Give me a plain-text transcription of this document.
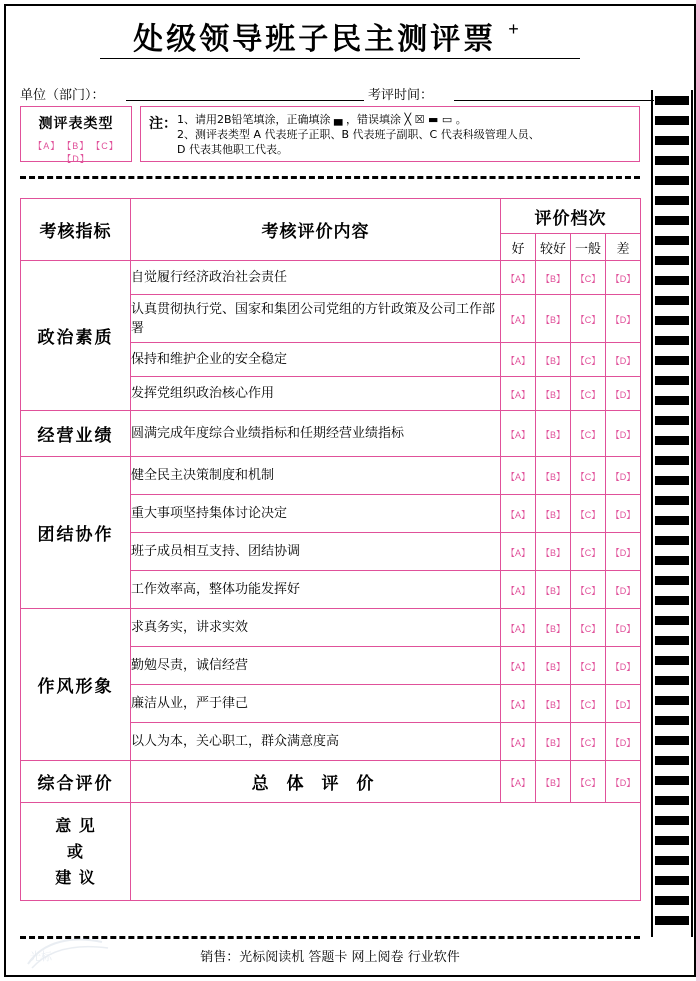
处级领导班子民主测评票 +
单位（部门）：	考评时间：
测评表类型
【A】 【B】 【C】【D】
注： 1、请用2B铅笔填涂，正确填涂 ▄ ，错误填涂 ╳ ☒ ▬ ▭ 。
2、测评表类型 A 代表班子正职、B 代表班子副职、C 代表科级管理人员、
D 代表其他职工代表。
考核指标	考核评价内容	评价档次			
		好	较好	一般	差
政治素质	自觉履行经济政治社会责任	【A】	【B】	【C】	【D】
	认真贯彻执行党、国家和集团公司党组的方针政策及公司工作部署	【A】	【B】	【C】	【D】
	保持和维护企业的安全稳定	【A】	【B】	【C】	【D】
	发挥党组织政治核心作用	【A】	【B】	【C】	【D】
经营业绩	圆满完成年度综合业绩指标和任期经营业绩指标	【A】	【B】	【C】	【D】
团结协作	健全民主决策制度和机制	【A】	【B】	【C】	【D】
	重大事项坚持集体讨论决定	【A】	【B】	【C】	【D】
	班子成员相互支持、团结协调	【A】	【B】	【C】	【D】
	工作效率高，整体功能发挥好	【A】	【B】	【C】	【D】
作风形象	求真务实，讲求实效	【A】	【B】	【C】	【D】
	勤勉尽责，诚信经营	【A】	【B】	【C】	【D】
	廉洁从业，严于律己	【A】	【B】	【C】	【D】
	以人为本，关心职工，群众满意度高	【A】	【B】	【C】	【D】
综合评价	总 体 评 价	【A】	【B】	【C】	【D】

意 见
或
建 议					

光标	销售：光标阅读机 答题卡 网上阅卷 行业软件
